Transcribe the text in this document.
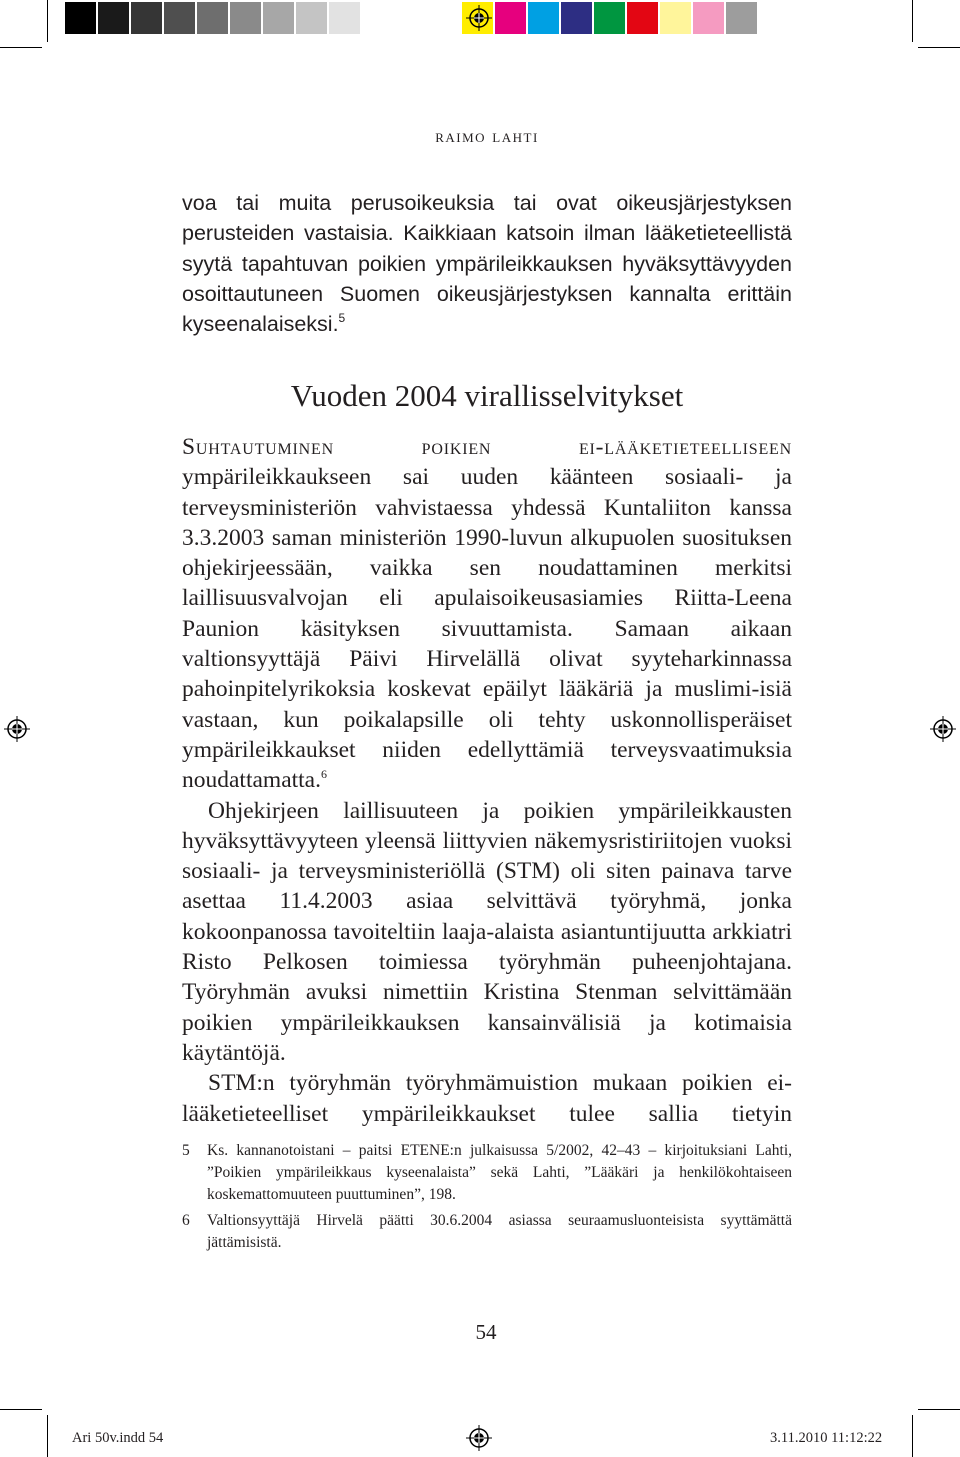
raimo lahti

voa tai muita perusoikeuksia tai ovat oikeusjärjestyksen perusteiden vastaisia. Kaikkiaan katsoin ilman lääketieteellistä syytä tapahtuvan poikien ympärileikkauksen hyväksyttävyyden osoittautuneen Suomen oikeusjärjestyksen kannalta erittäin kyseenalaiseksi.$^5$

Vuoden 2004 virallisselvitykset

Suhtautuminen poikien ei-lääketieteelliseen ympärileikkaukseen sai uuden käänteen sosiaali- ja terveysministeriön vahvistaessa yhdessä Kuntaliiton kanssa 3.3.2003 saman ministeriön 1990-luvun alkupuolen suosituksen ohjekirjeessään, vaikka sen noudattaminen merkitsi laillisuusvalvojan eli apulaisoikeusasiamies Riitta-Leena Paunion käsityksen sivuuttamista. Samaan aikaan valtionsyyttäjä Päivi Hirvelällä olivat syyteharkinnassa pahoinpitelyrikoksia koskevat epäilyt lääkäriä ja muslimi-isiä vastaan, kun poikalapsille oli tehty uskonnollisperäiset ympärileikkaukset niiden edellyttämiä terveysvaatimuksia noudattamatta.$^6$

Ohjekirjeen laillisuuteen ja poikien ympärileikkausten hyväksyttävyyteen yleensä liittyvien näkemysristiriitojen vuoksi sosiaali- ja terveysministeriöllä (STM) oli siten painava tarve asettaa 11.4.2003 asiaa selvittävä työryhmä, jonka kokoonpanossa tavoiteltiin laaja-alaista asiantuntijuutta arkkiatri Risto Pelkosen toimiessa työryhmän puheenjohtajana. Työryhmän avuksi nimettiin Kristina Stenman selvittämään poikien ympärileikkauksen kansainvälisiä ja kotimaisia käytäntöjä.

STM:n työryhmän työryhmämuistion mukaan poikien ei-lääketieteelliset ympärileikkaukset tulee sallia tietyin

5	Ks. kannanotoistani – paitsi ETENE:n julkaisussa 5/2002, 42–43 – kirjoituksiani Lahti, ”Poikien ympärileikkaus kyseenalaista” sekä Lahti, ”Lääkäri ja henkilökohtaiseen koskemattomuuteen puuttuminen”, 198.
6	Valtionsyyttäjä Hirvelä päätti 30.6.2004 asiassa seuraamusluonteisista syyttämättä jättämisistä.
54
Ari 50v.indd 54	3.11.2010 11:12:22
